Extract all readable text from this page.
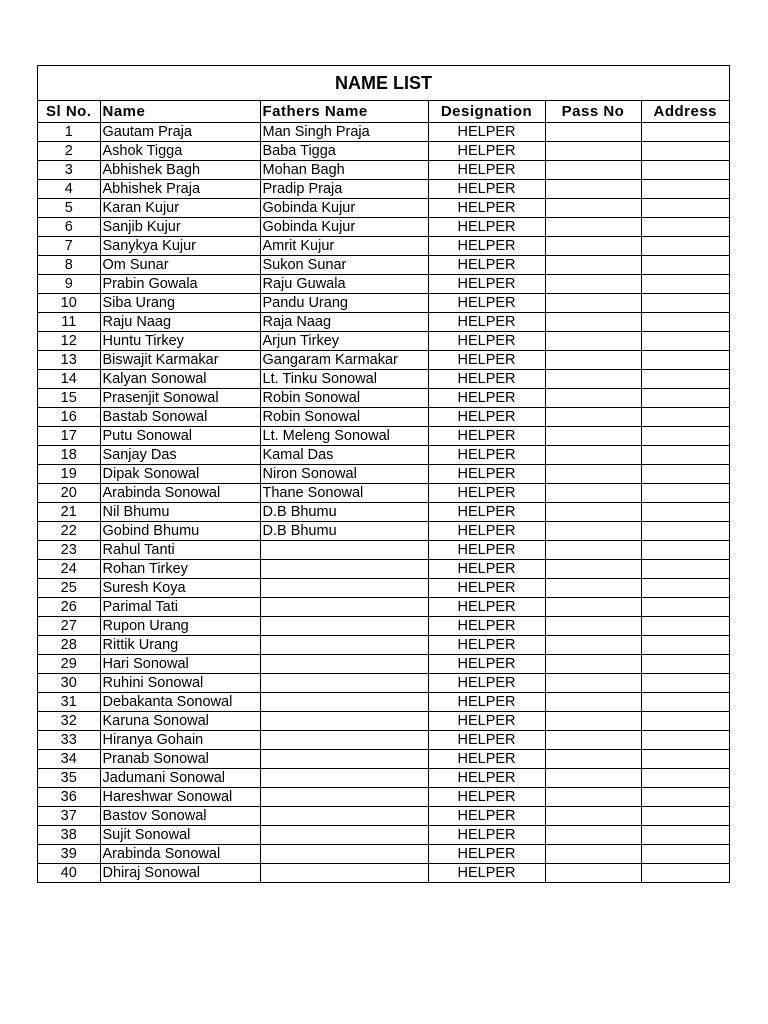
NAME LIST
Sl No.	Name	Fathers Name	Designation	Pass No	Address
1	Gautam Praja	Man Singh Praja	HELPER		
2	Ashok Tigga	Baba Tigga	HELPER		
3	Abhishek Bagh	Mohan Bagh	HELPER		
4	Abhishek Praja	Pradip Praja	HELPER		
5	Karan Kujur	Gobinda Kujur	HELPER		
6	Sanjib Kujur	Gobinda Kujur	HELPER		
7	Sanykya Kujur	Amrit Kujur	HELPER		
8	Om Sunar	Sukon Sunar	HELPER		
9	Prabin Gowala	Raju Guwala	HELPER		
10	Siba Urang	Pandu Urang	HELPER		
11	Raju Naag	Raja Naag	HELPER		
12	Huntu Tirkey	Arjun Tirkey	HELPER		
13	Biswajit Karmakar	Gangaram Karmakar	HELPER		
14	Kalyan Sonowal	Lt. Tinku Sonowal	HELPER		
15	Prasenjit Sonowal	Robin Sonowal	HELPER		
16	Bastab Sonowal	Robin Sonowal	HELPER		
17	Putu Sonowal	Lt. Meleng Sonowal	HELPER		
18	Sanjay Das	Kamal Das	HELPER		
19	Dipak Sonowal	Niron Sonowal	HELPER		
20	Arabinda Sonowal	Thane Sonowal	HELPER		
21	Nil Bhumu	D.B Bhumu	HELPER		
22	Gobind Bhumu	D.B Bhumu	HELPER		
23	Rahul Tanti		HELPER		
24	Rohan Tirkey		HELPER		
25	Suresh Koya		HELPER		
26	Parimal Tati		HELPER		
27	Rupon Urang		HELPER		
28	Rittik Urang		HELPER		
29	Hari Sonowal		HELPER		
30	Ruhini Sonowal		HELPER		
31	Debakanta Sonowal		HELPER		
32	Karuna Sonowal		HELPER		
33	Hiranya Gohain		HELPER		
34	Pranab Sonowal		HELPER		
35	Jadumani Sonowal		HELPER		
36	Hareshwar Sonowal		HELPER		
37	Bastov Sonowal		HELPER		
38	Sujit Sonowal		HELPER		
39	Arabinda Sonowal		HELPER		
40	Dhiraj Sonowal		HELPER		
